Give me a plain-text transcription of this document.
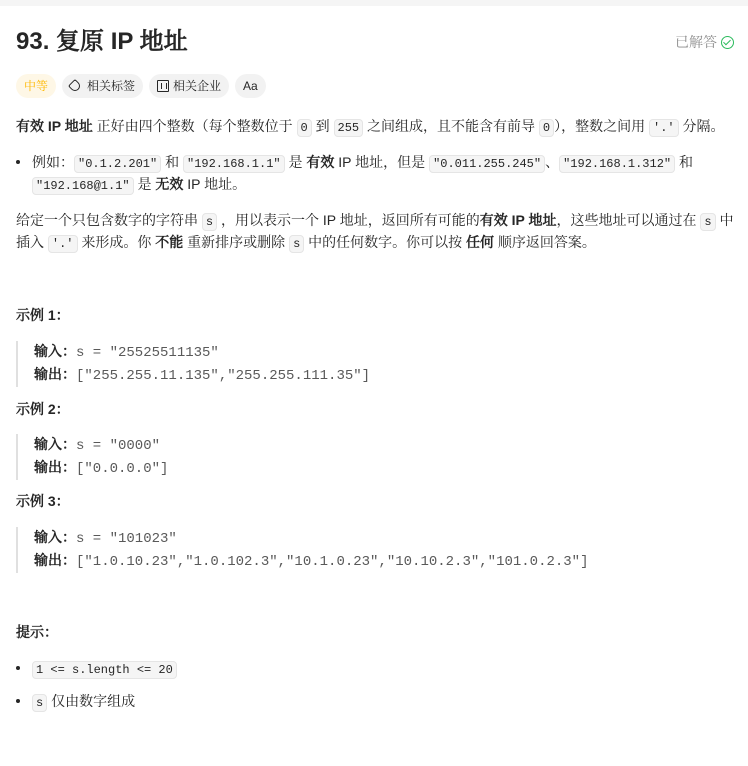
93. 复原 IP 地址	已解答
中等	相关标签	相关企业 Aa
有效 IP 地址 正好由四个整数（每个整数位于 0 到 255 之间组成，且不能含有前导 0 ），整数之间用 '.' 分隔。
例如： "0.1.2.201" 和 "192.168.1.1" 是 有效 IP 地址，但是 "0.011.255.245" 、 "192.168.1.312" 和
"192.168@1.1" 是 无效 IP 地址。
给定一个只包含数字的字符串 s ，用以表示一个 IP 地址，返回所有可能的有效 IP 地址，这些地址可以通过在 s 中
插入 '.' 来形成。你 不能 重新排序或删除 s 中的任何数字。你可以按 任何 顺序返回答案。
示例 1：
输入：s = "25525511135"
输出：["255.255.11.135","255.255.111.35"]
示例 2：
输入：s = "0000"
输出：["0.0.0.0"]
示例 3：
输入：s = "101023"
输出：["1.0.10.23","1.0.102.3","10.1.0.23","10.10.2.3","101.0.2.3"]
提示：
1 <= s.length <= 20
s 仅由数字组成
